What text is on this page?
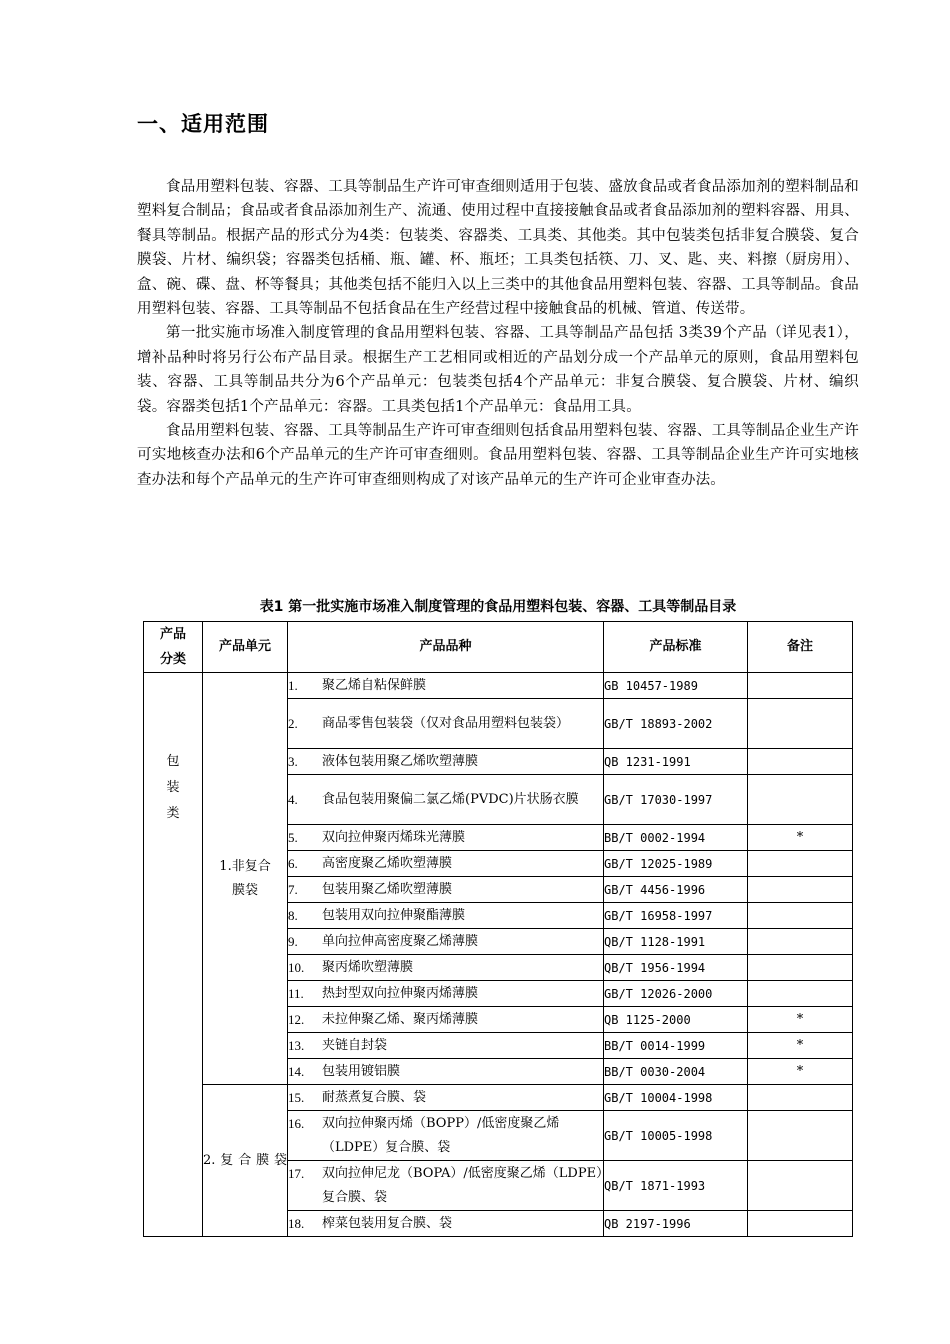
一、适用范围

食品用塑料包装、容器、工具等制品生产许可审查细则适用于包装、盛放食品或者食品添加剂的塑料制品和塑料复合制品；食品或者食品添加剂生产、流通、使用过程中直接接触食品或者食品添加剂的塑料容器、用具、餐具等制品。根据产品的形式分为4类：包装类、容器类、工具类、其他类。其中包装类包括非复合膜袋、复合膜袋、片材、编织袋；容器类包括桶、瓶、罐、杯、瓶坯；工具类包括筷、刀、叉、匙、夹、料擦（厨房用）、盒、碗、碟、盘、杯等餐具；其他类包括不能归入以上三类中的其他食品用塑料包装、容器、工具等制品。食品用塑料包装、容器、工具等制品不包括食品在生产经营过程中接触食品的机械、管道、传送带。

第一批实施市场准入制度管理的食品用塑料包装、容器、工具等制品产品包括 3类39个产品（详见表1），增补品种时将另行公布产品目录。根据生产工艺相同或相近的产品划分成一个产品单元的原则，食品用塑料包装、容器、工具等制品共分为6个产品单元：包装类包括4个产品单元：非复合膜袋、复合膜袋、片材、编织袋。容器类包括1个产品单元：容器。工具类包括1个产品单元：食品用工具。

食品用塑料包装、容器、工具等制品生产许可审查细则包括食品用塑料包装、容器、工具等制品企业生产许可实地核查办法和6个产品单元的生产许可审查细则。食品用塑料包装、容器、工具等制品企业生产许可实地核查办法和每个产品单元的生产许可审查细则构成了对该产品单元的生产许可企业审查办法。

表1 第一批实施市场准入制度管理的食品用塑料包装、容器、工具等制品目录
产品分类	产品单元	产品品种	产品标准	备注

包装类	1.非复合膜袋	1. 聚乙烯自粘保鲜膜	GB 10457-1989	

		2. 商品零售包装袋（仅对食品用塑料包装袋）	GB/T 18893-2002	

		3. 液体包装用聚乙烯吹塑薄膜	QB 1231-1991	

		4. 食品包装用聚偏二氯乙烯(PVDC)片状肠衣膜	GB/T 17030-1997	

		5. 双向拉伸聚丙烯珠光薄膜	BB/T 0002-1994	*

		6. 高密度聚乙烯吹塑薄膜	GB/T 12025-1989	

		7. 包装用聚乙烯吹塑薄膜	GB/T 4456-1996	

		8. 包装用双向拉伸聚酯薄膜	GB/T 16958-1997	

		9. 单向拉伸高密度聚乙烯薄膜	QB/T 1128-1991	

		10. 聚丙烯吹塑薄膜	QB/T 1956-1994	

		11. 热封型双向拉伸聚丙烯薄膜	GB/T 12026-2000	

		12. 未拉伸聚乙烯、聚丙烯薄膜	QB 1125-2000	*

		13. 夹链自封袋	BB/T 0014-1999	*

		14. 包装用镀铝膜	BB/T 0030-2004	*

	2.复合膜袋	15. 耐蒸煮复合膜、袋	GB/T 10004-1998	

		16. 双向拉伸聚丙烯（BOPP）/低密度聚乙烯（LDPE）复合膜、袋	GB/T 10005-1998	

		17. 双向拉伸尼龙（BOPA）/低密度聚乙烯（LDPE）复合膜、袋	QB/T 1871-1993	

		18. 榨菜包装用复合膜、袋	QB 2197-1996	
